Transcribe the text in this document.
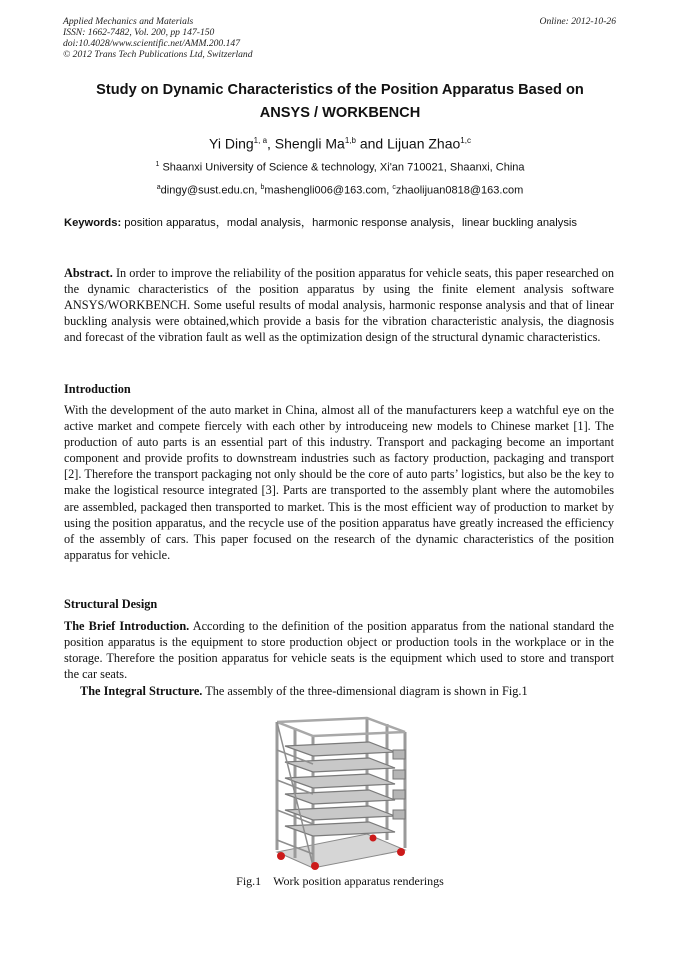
Applied Mechanics and Materials
ISSN: 1662-7482, Vol. 200, pp 147-150
doi:10.4028/www.scientific.net/AMM.200.147
© 2012 Trans Tech Publications Ltd, Switzerland
Online: 2012-10-26
Study on Dynamic Characteristics of the Position Apparatus Based on
ANSYS / WORKBENCH
Yi Ding$^{1, a}$, Shengli Ma$^{1,b}$ and Lijuan Zhao$^{1,c}$
$^1$ Shaanxi University of Science & technology, Xi'an 710021, Shaanxi, China
$^a$dingy@sust.edu.cn, $^b$mashengli006@163.com, $^c$zhaolijuan0818@163.com
Keywords: position apparatus，modal analysis，harmonic response analysis，linear buckling analysis
Abstract. In order to improve the reliability of the position apparatus for vehicle seats, this paper researched on the dynamic characteristics of the position apparatus by using the finite element analysis software ANSYS/WORKBENCH. Some useful results of modal analysis, harmonic response analysis and that of linear buckling analysis were obtained,which provide a basis for the vibration characteristic analysis, the diagnosis and forecast of the vibration fault as well as the optimization design of the structural dynamic characteristics.
Introduction
With the development of the auto market in China, almost all of the manufacturers keep a watchful eye on the active market and compete fiercely with each other by introduceing new models to Chinese market [1]. The production of auto parts is an essential part of this industry. Transport and packaging become an important component and provide profits to downstream industries such as factory production, packaging and transport [2]. Therefore the transport packaging not only should be the core of auto parts’ logistics, but also be the key to make the logistical resource integrated [3]. Parts are transported to the assembly plant where the automobiles are assembled, packaged then transported to market. This is the most efficient way of production to market by using the position apparatus, and the recycle use of the position apparatus have greatly increased the efficiency of the assembly of cars. This paper focused on the research of the dynamic characteristics of the position apparatus for vehicle.
Structural Design
The Brief Introduction. According to the definition of the position apparatus from the national standard the position apparatus is the equipment to store production object or production tools in the workplace or in the storage. Therefore the position apparatus for vehicle seats is the equipment which used to store and transport the car seats.
The Integral Structure. The assembly of the three-dimensional diagram is shown in Fig.1
Fig.1 Work position apparatus renderings
